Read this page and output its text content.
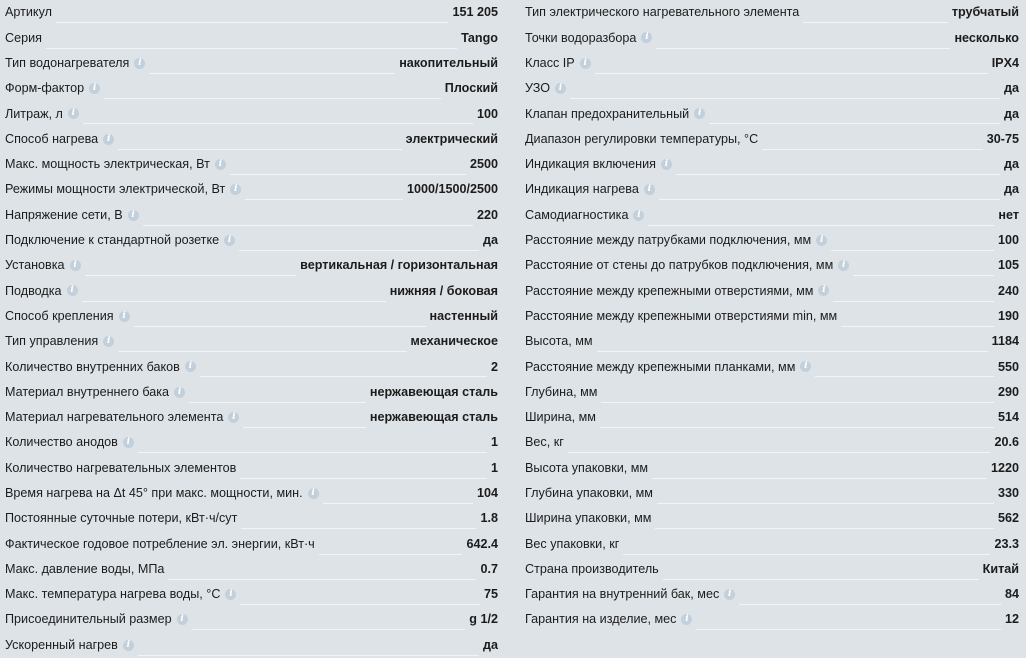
Артикул	151 205
Серия	Tango
Тип водонагревателя i	накопительный
Форм-фактор i	Плоский
Литраж, л i	100
Способ нагрева i	электрический
Макс. мощность электрическая, Вт i	2500
Режимы мощности электрической, Вт i	1000/1500/2500
Напряжение сети, В i	220
Подключение к стандартной розетке i	да
Установка i	вертикальная / горизонтальная
Подводка i	нижняя / боковая
Способ крепления i	настенный
Тип управления i	механическое
Количество внутренних баков i	2
Материал внутреннего бака i	нержавеющая сталь
Материал нагревательного элемента i	нержавеющая сталь
Количество анодов i	1
Количество нагревательных элементов	1
Время нагрева на Δt 45° при макс. мощности, мин. i	104
Постоянные суточные потери, кВт·ч/сут	1.8
Фактическое годовое потребление эл. энергии, кВт·ч	642.4
Макс. давление воды, МПа	0.7
Макс. температура нагрева воды, °C i	75
Присоединительный размер i	g 1/2
Ускоренный нагрев i	да
Тип электрического нагревательного элемента	трубчатый
Точки водоразбора i	несколько
Класс IP i	IPX4
УЗО i	да
Клапан предохранительный i	да
Диапазон регулировки температуры, °C	30-75
Индикация включения i	да
Индикация нагрева i	да
Самодиагностика i	нет
Расстояние между патрубками подключения, мм i	100
Расстояние от стены до патрубков подключения, мм i	105
Расстояние между крепежными отверстиями, мм i	240
Расстояние между крепежными отверстиями min, мм	190
Высота, мм	1184
Расстояние между крепежными планками, мм i	550
Глубина, мм	290
Ширина, мм	514
Вес, кг	20.6
Высота упаковки, мм	1220
Глубина упаковки, мм	330
Ширина упаковки, мм	562
Вес упаковки, кг	23.3
Страна производитель	Китай
Гарантия на внутренний бак, мес i	84
Гарантия на изделие, мес i	12
